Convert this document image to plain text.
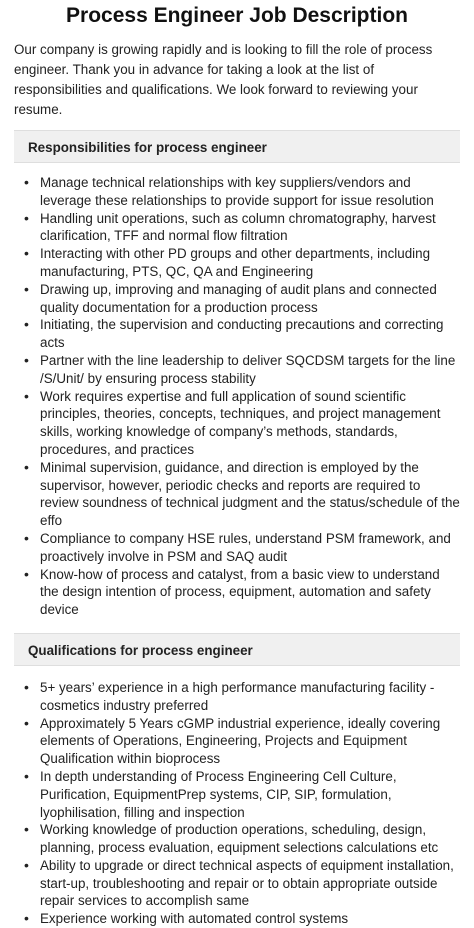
Process Engineer Job Description

Our company is growing rapidly and is looking to fill the role of process engineer. Thank you in advance for taking a look at the list of responsibilities and qualifications. We look forward to reviewing your resume.

Responsibilities for process engineer
• Manage technical relationships with key suppliers/vendors and leverage these relationships to provide support for issue resolution
• Handling unit operations, such as column chromatography, harvest clarification, TFF and normal flow filtration
• Interacting with other PD groups and other departments, including manufacturing, PTS, QC, QA and Engineering
• Drawing up, improving and managing of audit plans and connected quality documentation for a production process
• Initiating, the supervision and conducting precautions and correcting acts
• Partner with the line leadership to deliver SQCDSM targets for the line /S/Unit/ by ensuring process stability
• Work requires expertise and full application of sound scientific principles, theories, concepts, techniques, and project management skills, working knowledge of company’s methods, standards, procedures, and practices
• Minimal supervision, guidance, and direction is employed by the supervisor, however, periodic checks and reports are required to review soundness of technical judgment and the status/schedule of the effo
• Compliance to company HSE rules, understand PSM framework, and proactively involve in PSM and SAQ audit
• Know-how of process and catalyst, from a basic view to understand the design intention of process, equipment, automation and safety device
Qualifications for process engineer
• 5+ years’ experience in a high performance manufacturing facility - cosmetics industry preferred
• Approximately 5 Years cGMP industrial experience, ideally covering elements of Operations, Engineering, Projects and Equipment Qualification within bioprocess
• In depth understanding of Process Engineering Cell Culture, Purification, EquipmentPrep systems, CIP, SIP, formulation, lyophilisation, filling and inspection
• Working knowledge of production operations, scheduling, design, planning, process evaluation, equipment selections calculations etc
• Ability to upgrade or direct technical aspects of equipment installation, start-up, troubleshooting and repair or to obtain appropriate outside repair services to accomplish same
• Experience working with automated control systems
